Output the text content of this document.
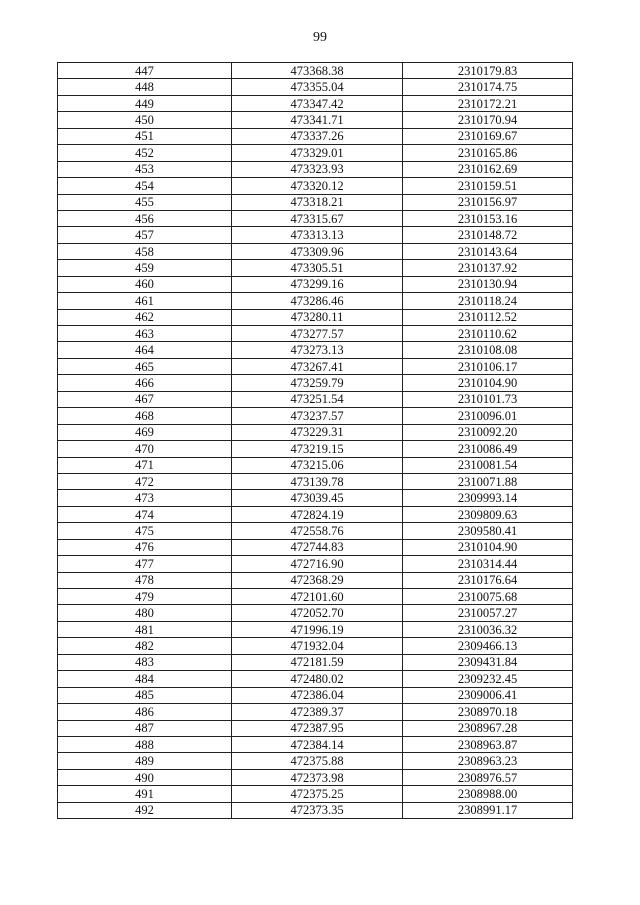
99
447	473368.38	2310179.83
448	473355.04	2310174.75
449	473347.42	2310172.21
450	473341.71	2310170.94
451	473337.26	2310169.67
452	473329.01	2310165.86
453	473323.93	2310162.69
454	473320.12	2310159.51
455	473318.21	2310156.97
456	473315.67	2310153.16
457	473313.13	2310148.72
458	473309.96	2310143.64
459	473305.51	2310137.92
460	473299.16	2310130.94
461	473286.46	2310118.24
462	473280.11	2310112.52
463	473277.57	2310110.62
464	473273.13	2310108.08
465	473267.41	2310106.17
466	473259.79	2310104.90
467	473251.54	2310101.73
468	473237.57	2310096.01
469	473229.31	2310092.20
470	473219.15	2310086.49
471	473215.06	2310081.54
472	473139.78	2310071.88
473	473039.45	2309993.14
474	472824.19	2309809.63
475	472558.76	2309580.41
476	472744.83	2310104.90
477	472716.90	2310314.44
478	472368.29	2310176.64
479	472101.60	2310075.68
480	472052.70	2310057.27
481	471996.19	2310036.32
482	471932.04	2309466.13
483	472181.59	2309431.84
484	472480.02	2309232.45
485	472386.04	2309006.41
486	472389.37	2308970.18
487	472387.95	2308967.28
488	472384.14	2308963.87
489	472375.88	2308963.23
490	472373.98	2308976.57
491	472375.25	2308988.00
492	472373.35	2308991.17
